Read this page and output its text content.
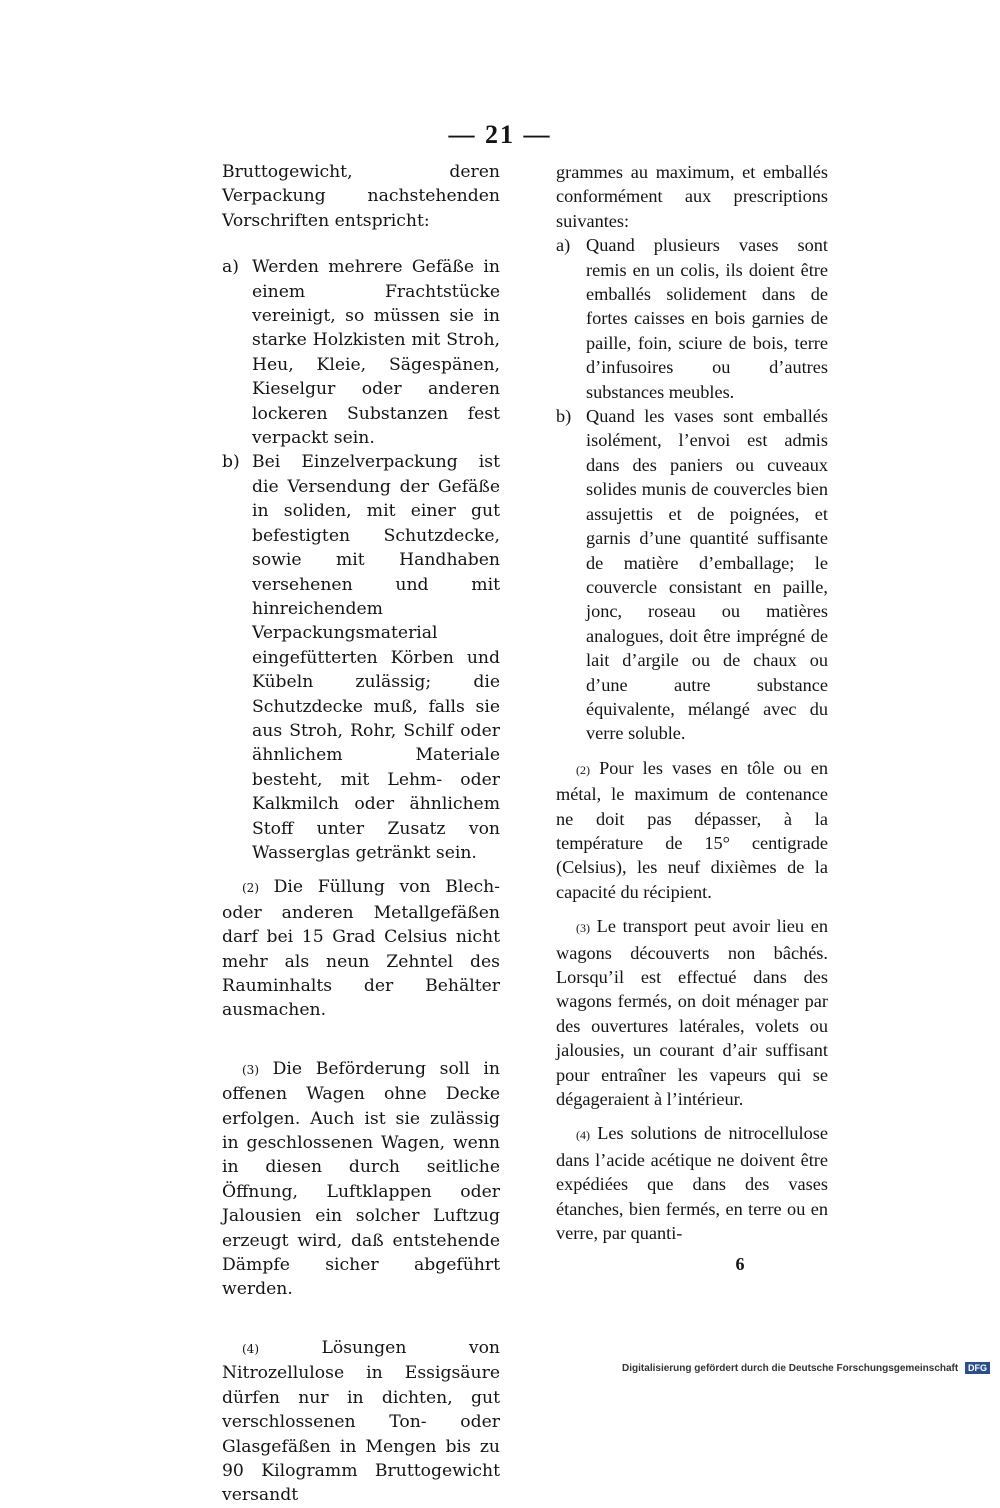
— 21 —

Bruttogewicht, deren Verpackung nachstehenden Vorschriften entspricht:

a) Werden mehrere Gefäße in einem Frachtstücke vereinigt, so müssen sie in starke Holzkisten mit Stroh, Heu, Kleie, Sägespänen, Kieselgur oder anderen lockeren Substanzen fest verpackt sein.
b) Bei Einzelverpackung ist die Versendung der Gefäße in soliden, mit einer gut befestigten Schutzdecke, sowie mit Handhaben versehenen und mit hinreichendem Verpackungsmaterial eingefütterten Körben und Kübeln zulässig; die Schutzdecke muß, falls sie aus Stroh, Rohr, Schilf oder ähnlichem Materiale besteht, mit Lehm- oder Kalkmilch oder ähnlichem Stoff unter Zusatz von Wasserglas getränkt sein.

(2) Die Füllung von Blech- oder anderen Metallgefäßen darf bei 15 Grad Celsius nicht mehr als neun Zehntel des Rauminhalts der Behälter ausmachen.

(3) Die Beförderung soll in offenen Wagen ohne Decke erfolgen. Auch ist sie zulässig in geschlossenen Wagen, wenn in diesen durch seitliche Öffnung, Luftklappen oder Jalousien ein solcher Luftzug erzeugt wird, daß entstehende Dämpfe sicher abgeführt werden.

(4)	Lösungen von Nitrozellulose in Essigsäure dürfen nur in dichten, gut verschlossenen Ton- oder Glasgefäßen in Mengen bis zu 90 Kilogramm Bruttogewicht versandt

grammes au maximum, et emballés conformément aux prescriptions suivantes:

a) Quand plusieurs vases sont remis en un colis, ils doient être emballés solidement dans de fortes caisses en bois garnies de paille, foin, sciure de bois, terre d’infusoires ou d’autres substances meubles.
b) Quand les vases sont emballés isolément, l’envoi est admis dans des paniers ou cuveaux solides munis de couvercles bien assujettis et de poignées, et garnis d’une quantité suffisante de matière d’emballage; le couvercle consistant en paille, jonc, roseau ou matières analogues, doit être imprégné de lait d’argile ou de chaux ou d’une autre substance équivalente, mélangé avec du verre soluble.

(2) Pour les vases en tôle ou en métal, le maximum de contenance ne doit pas dépasser, à la température de 15° centigrade (Celsius), les neuf dixièmes de la capacité du récipient.

(3) Le transport peut avoir lieu en wagons découverts non bâchés. Lorsqu’il est effectué dans des wagons fermés, on doit ménager par des ouvertures latérales, volets ou jalousies, un courant d’air suffisant pour entraîner les vapeurs qui se dégageraient à l’intérieur.

(4) Les solutions de nitrocellulose dans l’acide acétique ne doivent être expédiées que dans des vases étanches, bien fermés, en terre ou en verre, par quanti-

6
Digitalisierung gefördert durch die Deutsche Forschungsgemeinschaft DFG
